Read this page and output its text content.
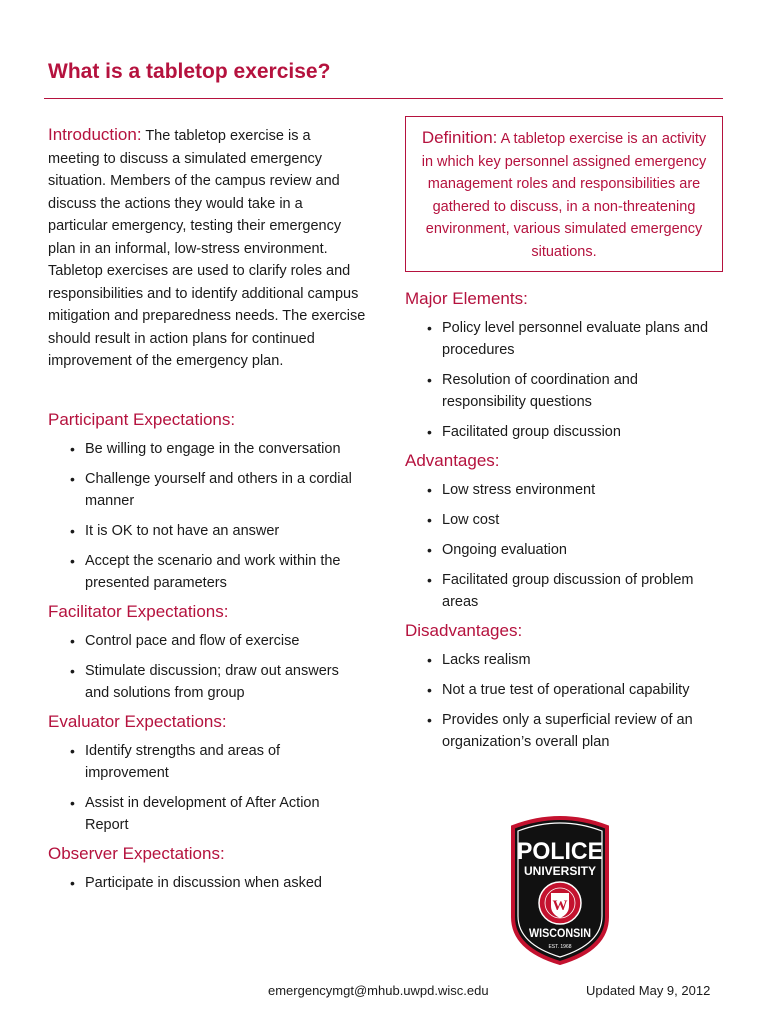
What is a tabletop exercise?

Introduction: The tabletop exercise is a meeting to discuss a simulated emergency situation. Members of the campus review and discuss the actions they would take in a particular emergency, testing their emergency plan in an informal, low-stress environment. Tabletop exercises are used to clarify roles and responsibilities and to identify additional campus mitigation and preparedness needs. The exercise should result in action plans for continued improvement of the emergency plan.

Participant Expectations:
• Be willing to engage in the conversation
• Challenge yourself and others in a cordial manner
• It is OK to not have an answer
• Accept the scenario and work within the presented parameters
Facilitator Expectations:
• Control pace and flow of exercise
• Stimulate discussion; draw out answers and solutions from group
Evaluator Expectations:
• Identify strengths and areas of improvement
• Assist in development of After Action Report
Observer Expectations:
• Participate in discussion when asked

Definition: A tabletop exercise is an activity in which key personnel assigned emergency management roles and responsibilities are gathered to discuss, in a non-threatening environment, various simulated emergency situations.

Major Elements:
• Policy level personnel evaluate plans and procedures
• Resolution of coordination and responsibility questions
• Facilitated group discussion
Advantages:
• Low stress environment
• Low cost
• Ongoing evaluation
• Facilitated group discussion of problem areas
Disadvantages:
• Lacks realism
• Not a true test of operational capability
• Provides only a superficial review of an organization’s overall plan
POLICE
UNIVERSITY
W
WISCONSIN
EST. 1968
emergencymgt@mhub.uwpd.wisc.edu	Updated May 9, 2012
